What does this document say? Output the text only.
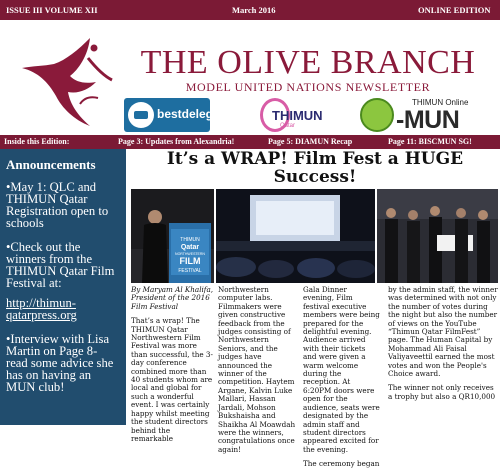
ISSUE III VOLUME XII	March 2016	ONLINE EDITION
THE OLIVE BRANCH
MODEL UNITED NATIONS NEWSLETTER
bestdelegate	THIMUN
Qatar
THIMUN Online
-MUN
Inside this Edition:	Page 3: Updates from Alexandria!	Page 5: DIAMUN Recap	Page 11: BISCMUN SG!
Announcements
•May 1: QLC and THIMUN Qatar Registration open to schools
•Check out the winners from the THIMUN Qatar Film Festival at:
http://thimun-qatarpress.org
•Interview with Lisa Martin on Page 8- read some advice she has on having an MUN club!
It’s a WRAP! Film Fest a HUGE Success!
THIMUN
Qatar
NORTHWESTERN
FILM
FESTIVAL

By Maryam Al Khalifa, President of the 2016 Film Festival

That’s a wrap! The THIMUN Qatar Northwestern Film Festival was more than successful, the 3-day conference combined more than 40 students whom are local and global for such a wonderful event. I was certainly happy whilst meeting the student directors behind the remarkable

Northwestern computer labs. Filmmakers were given constructive feedback from the judges consisting of Northwestern Seniors, and the judges have announced the winner of the competition. Haytem Argane, Kalvin Luke Mallari, Hassan Jardali, Mohson Bukshaisha and Shaikha Al Moawdah were the winners, congratulations once again!

Gala Dinner evening, Film festival executive members were being prepared for the delightful evening. Audience arrived with their tickets and were given a warm welcome during the reception. At 6:20PM doors were open for the audience, seats were designated by the admin staff and student directors appeared excited for the evening.

The ceremony began

by the admin staff, the winner was determined with not only the number of votes during the night but also the number of views on the YouTube “Thimun Qatar FilmFest” page. The Human Capital by Mohammad Ali Faisal Valiyaveettil earned the most votes and won the People's Choice award.

The winner not only receives a trophy but also a QR10,000
